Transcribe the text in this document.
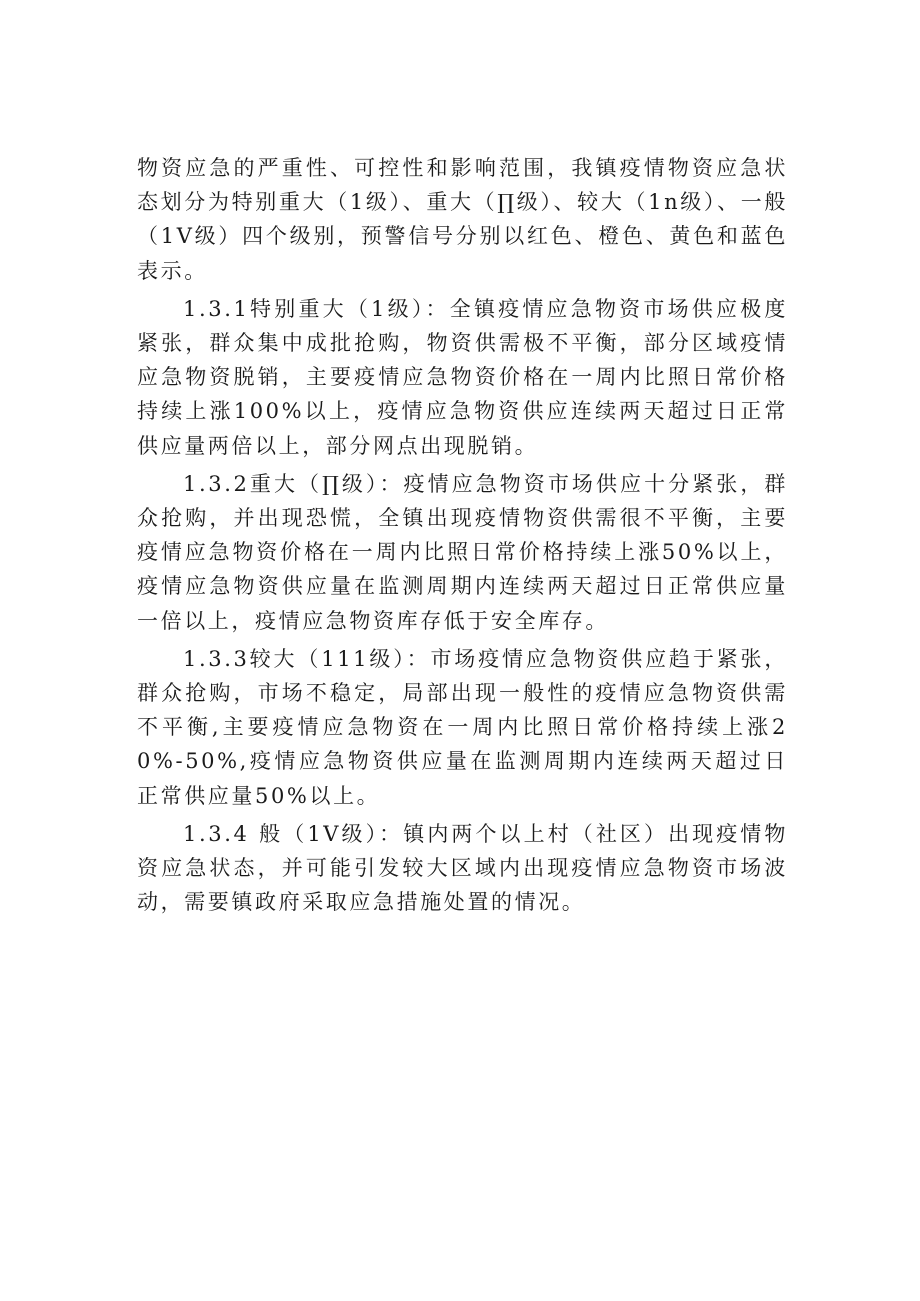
物资应急的严重性、可控性和影响范围，我镇疫情物资应急状态划分为特别重大（1级）、重大（∏级）、较大（1n级）、一般（1V级）四个级别，预警信号分别以红色、橙色、黄色和蓝色表示。

1.3.1特别重大（1级）：全镇疫情应急物资市场供应极度紧张，群众集中成批抢购，物资供需极不平衡，部分区域疫情应急物资脱销，主要疫情应急物资价格在一周内比照日常价格持续上涨100%以上，疫情应急物资供应连续两天超过日正常供应量两倍以上，部分网点出现脱销。

1.3.2重大（∏级）：疫情应急物资市场供应十分紧张，群众抢购，并出现恐慌，全镇出现疫情物资供需很不平衡，主要疫情应急物资价格在一周内比照日常价格持续上涨50%以上，疫情应急物资供应量在监测周期内连续两天超过日正常供应量一倍以上，疫情应急物资库存低于安全库存。

1.3.3较大（111级）：市场疫情应急物资供应趋于紧张，群众抢购，市场不稳定，局部出现一般性的疫情应急物资供需不平衡,主要疫情应急物资在一周内比照日常价格持续上涨20%-50%,疫情应急物资供应量在监测周期内连续两天超过日正常供应量50%以上。

1.3.4 般（1V级）：镇内两个以上村（社区）出现疫情物资应急状态，并可能引发较大区域内出现疫情应急物资市场波动，需要镇政府采取应急措施处置的情况。
